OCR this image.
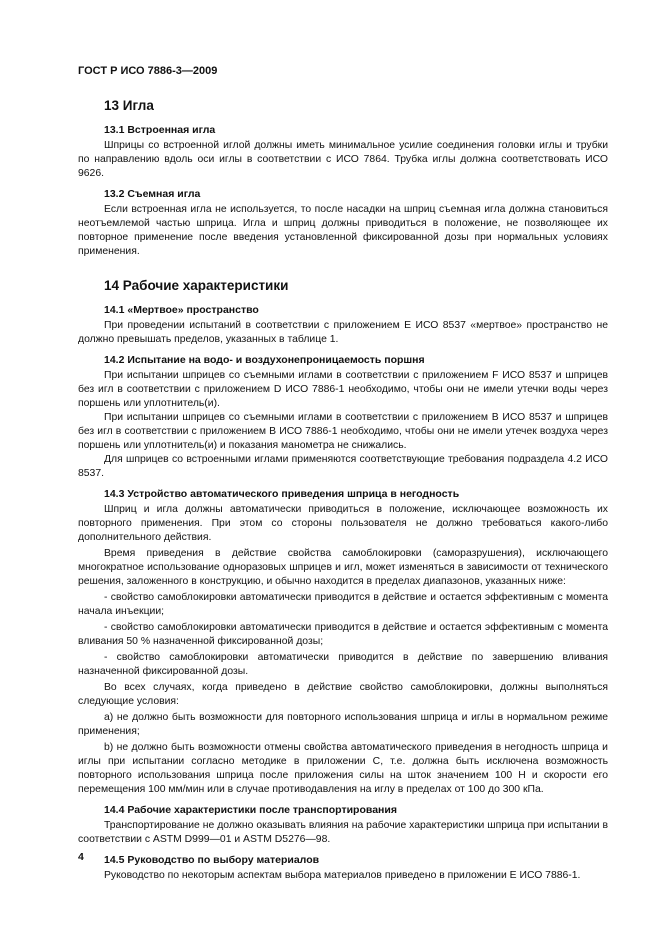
ГОСТ Р ИСО 7886-3—2009
13 Игла
13.1 Встроенная игла

Шприцы со встроенной иглой должны иметь минимальное усилие соединения головки иглы и трубки по направлению вдоль оси иглы в соответствии с ИСО 7864. Трубка иглы должна соответствовать ИСО 9626.

13.2 Съемная игла

Если встроенная игла не используется, то после насадки на шприц съемная игла должна становиться неотъемлемой частью шприца. Игла и шприц должны приводиться в положение, не позволяющее их повторное применение после введения установленной фиксированной дозы при нормальных условиях применения.

14 Рабочие характеристики
14.1 «Мертвое» пространство

При проведении испытаний в соответствии с приложением E ИСО 8537 «мертвое» пространство не должно превышать пределов, указанных в таблице 1.

14.2 Испытание на водо- и воздухонепроницаемость поршня

При испытании шприцев со съемными иглами в соответствии с приложением F ИСО 8537 и шприцев без игл в соответствии с приложением D ИСО 7886-1 необходимо, чтобы они не имели утечки воды через поршень или уплотнитель(и).

При испытании шприцев со съемными иглами в соответствии с приложением В ИСО 8537 и шприцев без игл в соответствии с приложением В ИСО 7886-1 необходимо, чтобы они не имели утечек воздуха через поршень или уплотнитель(и) и показания манометра не снижались.

Для шприцев со встроенными иглами применяются соответствующие требования подраздела 4.2 ИСО 8537.

14.3 Устройство автоматического приведения шприца в негодность

Шприц и игла должны автоматически приводиться в положение, исключающее возможность их повторного применения. При этом со стороны пользователя не должно требоваться какого-либо дополнительного действия.

Время приведения в действие свойства самоблокировки (саморазрушения), исключающего многократное использование одноразовых шприцев и игл, может изменяться в зависимости от технического решения, заложенного в конструкцию, и обычно находится в пределах диапазонов, указанных ниже:

- свойство самоблокировки автоматически приводится в действие и остается эффективным с момента начала инъекции;

- свойство самоблокировки автоматически приводится в действие и остается эффективным с момента вливания 50 % назначенной фиксированной дозы;

- свойство самоблокировки автоматически приводится в действие по завершению вливания назначенной фиксированной дозы.

Во всех случаях, когда приведено в действие свойство самоблокировки, должны выполняться следующие условия:

a) не должно быть возможности для повторного использования шприца и иглы в нормальном режиме применения;

b) не должно быть возможности отмены свойства автоматического приведения в негодность шприца и иглы при испытании согласно методике в приложении С, т.е. должна быть исключена возможность повторного использования шприца после приложения силы на шток значением 100 Н и скорости его перемещения 100 мм/мин или в случае противодавления на иглу в пределах от 100 до 300 кПа.

14.4 Рабочие характеристики после транспортирования

Транспортирование не должно оказывать влияния на рабочие характеристики шприца при испытании в соответствии с ASTM D999—01 и ASTM D5276—98.

14.5 Руководство по выбору материалов

Руководство по некоторым аспектам выбора материалов приведено в приложении E ИСО 7886-1.

4
